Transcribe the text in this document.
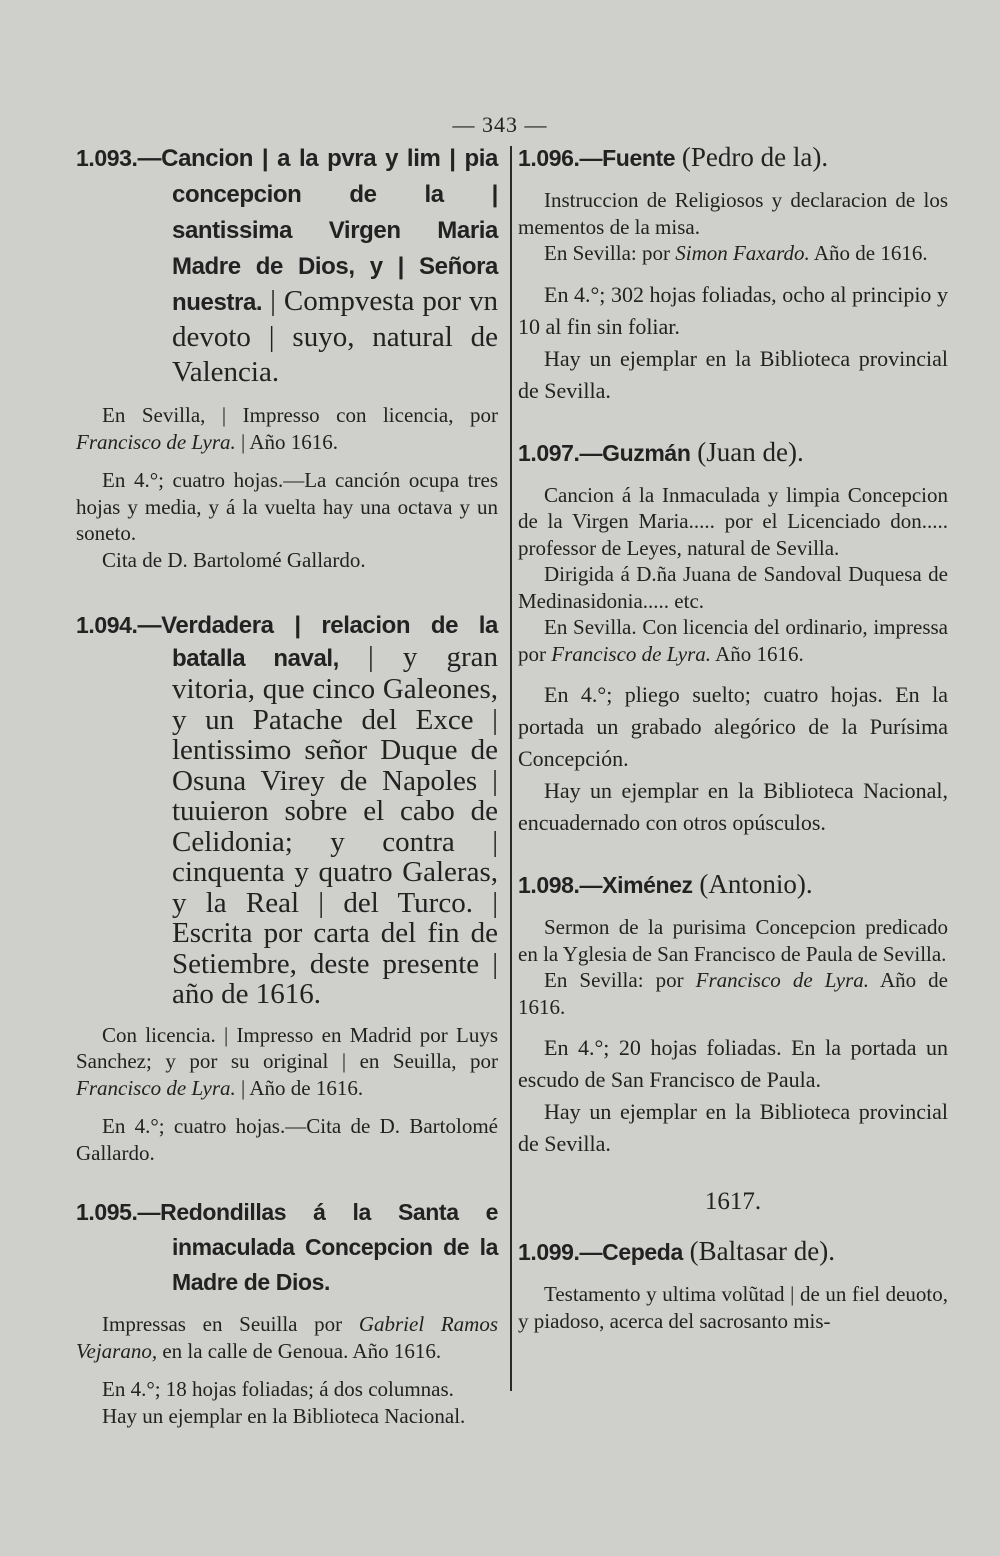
— 343 —
1.093.—Cancion | a la pvra y lim | pia concepcion de la | santissima Virgen Maria Madre de Dios, y | Señora nuestra. | Compvesta por vn devoto | suyo, natural de Valencia.

En Sevilla, | Impresso con licencia, por Francisco de Lyra. | Año 1616.

En 4.°; cuatro hojas.—La canción ocupa tres hojas y media, y á la vuelta hay una octava y un soneto.

Cita de D. Bartolomé Gallardo.

1.094.—Verdadera | relacion de la batalla naval, | y gran vitoria, que cinco Galeones, y un Patache del Exce | lentissimo señor Duque de Osuna Virey de Napoles | tuuieron sobre el cabo de Celidonia; y contra | cinquenta y quatro Galeras, y la Real | del Turco. | Escrita por carta del fin de Setiembre, deste presente | año de 1616.

Con licencia. | Impresso en Madrid por Luys Sanchez; y por su original | en Seuilla, por Francisco de Lyra. | Año de 1616.

En 4.°; cuatro hojas.—Cita de D. Bartolomé Gallardo.

1.095.—Redondillas á la Santa e inmaculada Concepcion de la Madre de Dios.

Impressas en Seuilla por Gabriel Ramos Vejarano, en la calle de Genoua. Año 1616.

En 4.°; 18 hojas foliadas; á dos columnas.

Hay un ejemplar en la Biblioteca Nacional.

1.096.—Fuente (Pedro de la).

Instruccion de Religiosos y declaracion de los mementos de la misa.

En Sevilla: por Simon Faxardo. Año de 1616.

En 4.°; 302 hojas foliadas, ocho al principio y 10 al fin sin foliar.

Hay un ejemplar en la Biblioteca provincial de Sevilla.

1.097.—Guzmán (Juan de).

Cancion á la Inmaculada y limpia Concepcion de la Virgen Maria..... por el Licenciado don..... professor de Leyes, natural de Sevilla.

Dirigida á D.ña Juana de Sandoval Duquesa de Medinasidonia..... etc.

En Sevilla. Con licencia del ordinario, impressa por Francisco de Lyra. Año 1616.

En 4.°; pliego suelto; cuatro hojas. En la portada un grabado alegórico de la Purísima Concepción.

Hay un ejemplar en la Biblioteca Nacional, encuadernado con otros opúsculos.

1.098.—Ximénez (Antonio).

Sermon de la purisima Concepcion predicado en la Yglesia de San Francisco de Paula de Sevilla.

En Sevilla: por Francisco de Lyra. Año de 1616.

En 4.°; 20 hojas foliadas. En la portada un escudo de San Francisco de Paula.

Hay un ejemplar en la Biblioteca provincial de Sevilla.

1617.
1.099.—Cepeda (Baltasar de).

Testamento y ultima volũtad | de un fiel deuoto, y piadoso, acerca del sacrosanto mis-
